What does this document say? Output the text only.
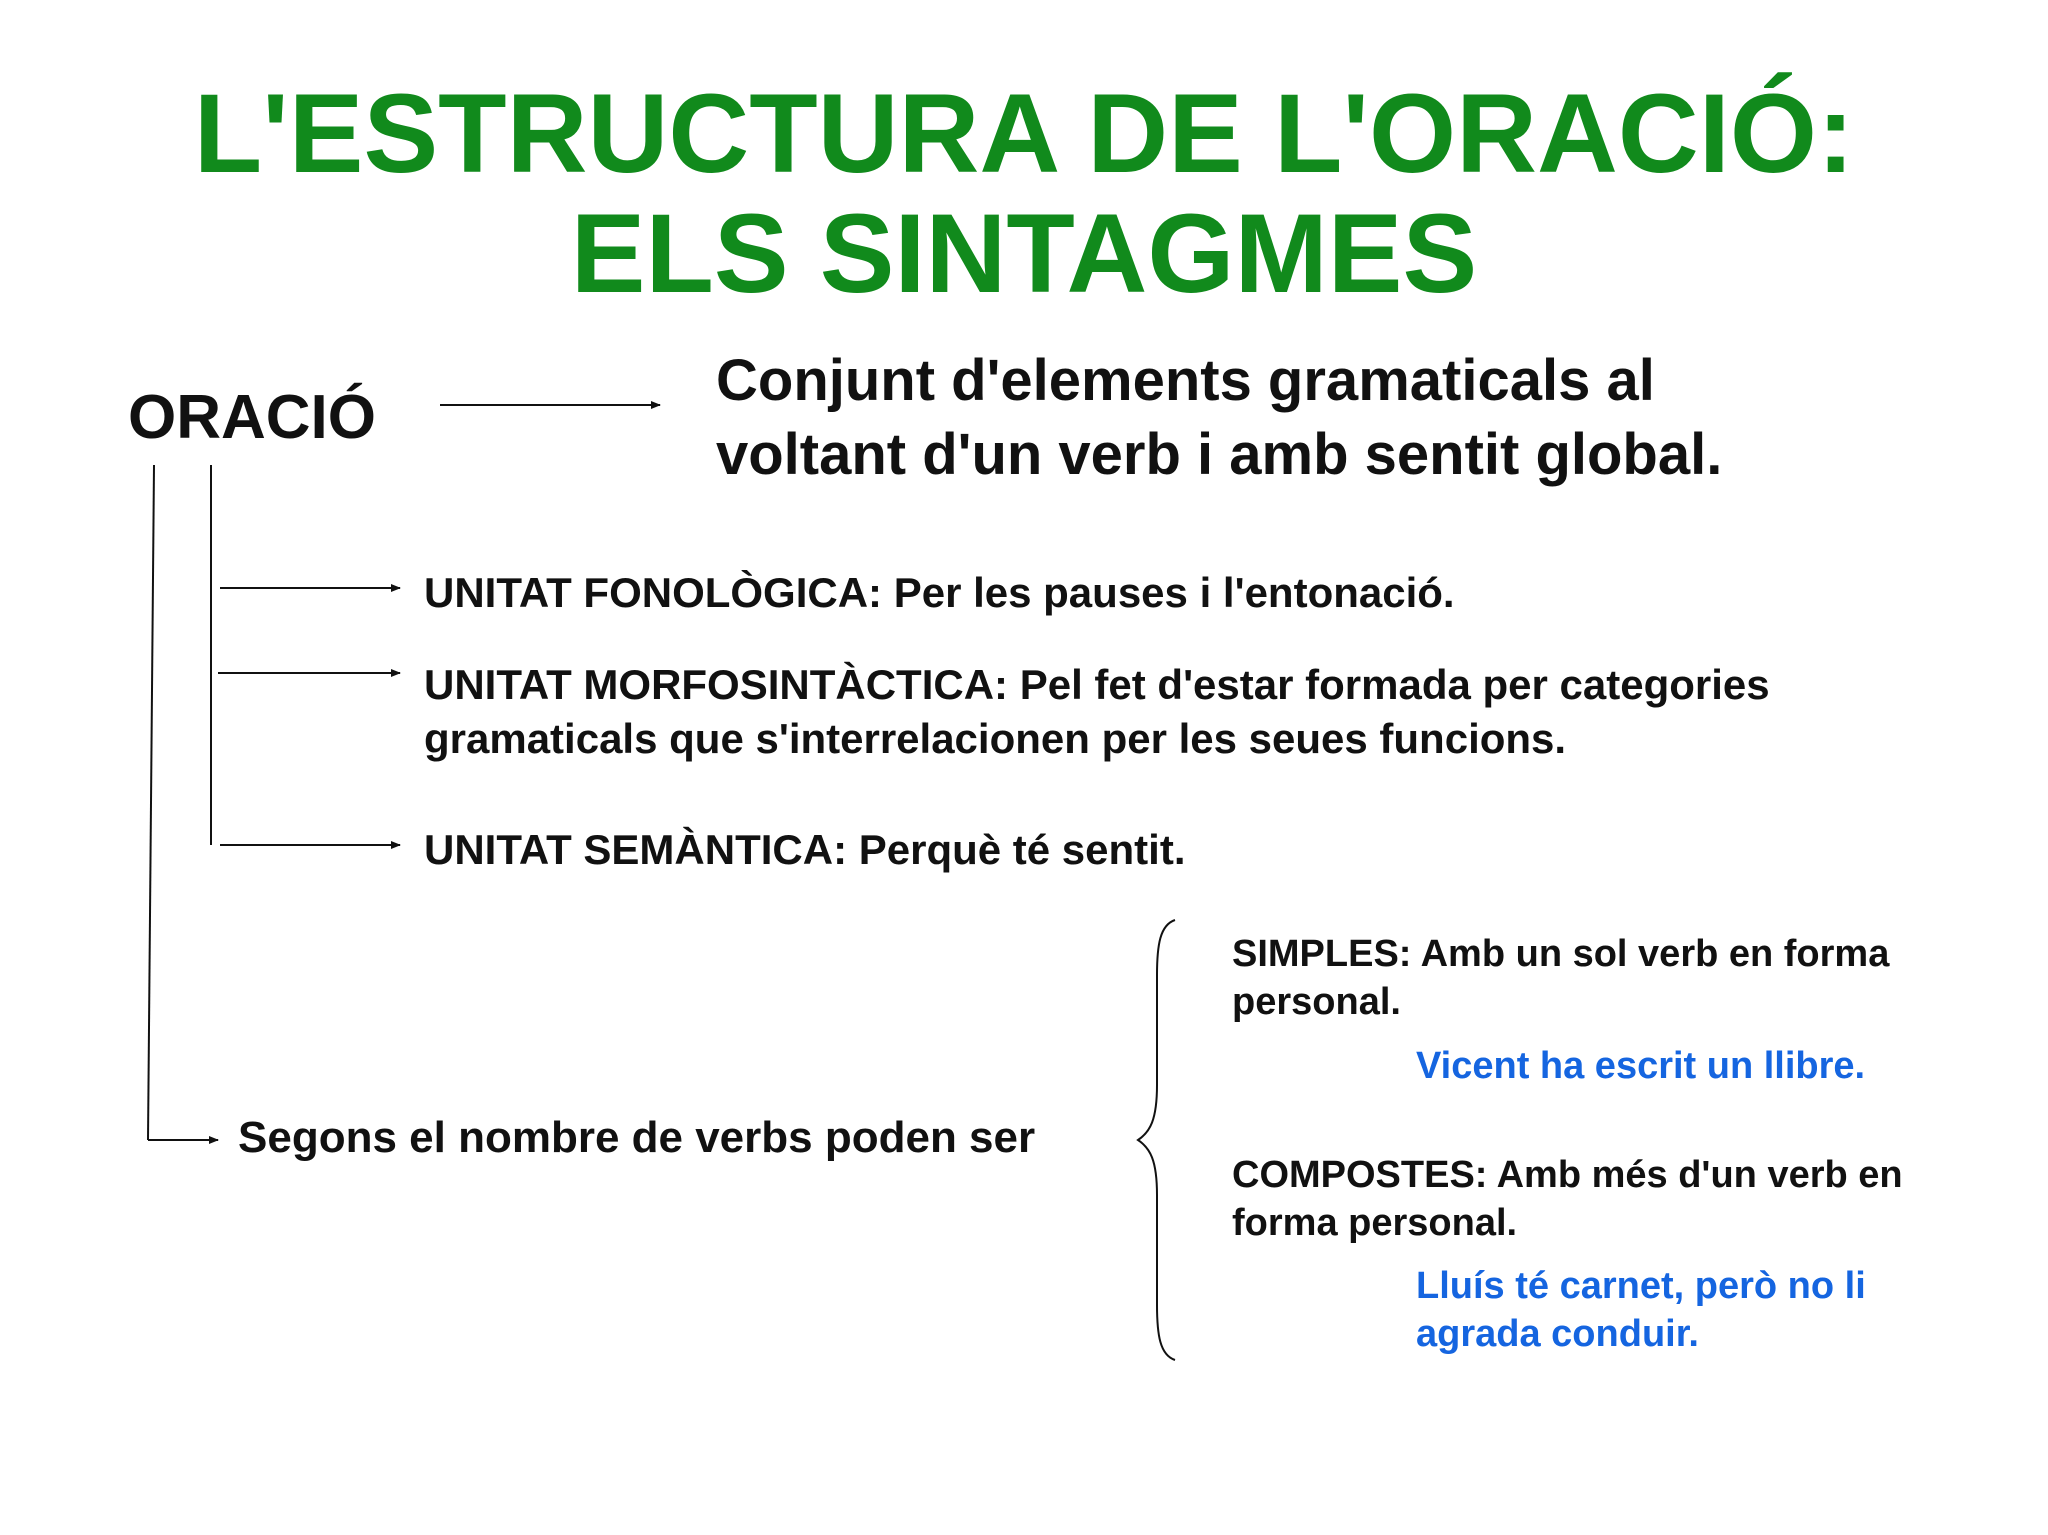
L'ESTRUCTURA DE L'ORACIÓ:
ELS SINTAGMES
ORACIÓ
Conjunt d'elements gramaticals al
voltant d'un verb i amb sentit global.
UNITAT FONOLÒGICA: Per les pauses i l'entonació.
UNITAT MORFOSINTÀCTICA: Pel fet d'estar formada per categories
gramaticals que s'interrelacionen per les seues funcions.
UNITAT SEMÀNTICA: Perquè té sentit.
Segons el nombre de verbs poden ser
SIMPLES: Amb un sol verb en forma
personal.
Vicent ha escrit un llibre.
COMPOSTES: Amb més d'un verb en
forma personal.
Lluís té carnet, però no li
agrada conduir.
